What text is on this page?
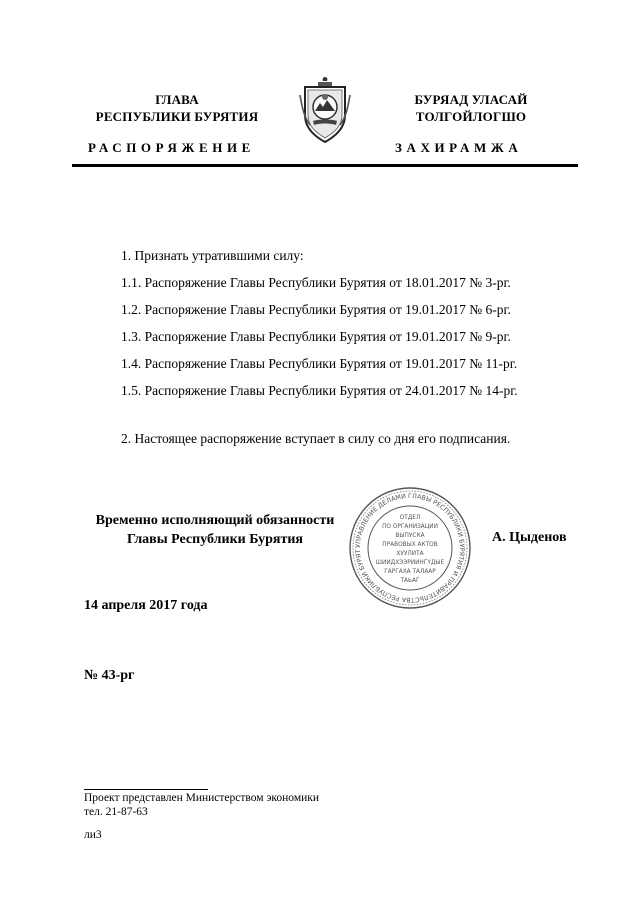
ГЛАВА
РЕСПУБЛИКИ БУРЯТИЯ
РАСПОРЯЖЕНИЕ
БУРЯАД УЛАСАЙ
ТОЛГОЙЛОГШО
ЗАХИРАМЖА
1. Признать утратившими силу:
1.1. Распоряжение Главы Республики Бурятия от 18.01.2017 № 3-рг.
1.2. Распоряжение Главы Республики Бурятия от 19.01.2017 № 6-рг.
1.3. Распоряжение Главы Республики Бурятия от 19.01.2017 № 9-рг.
1.4. Распоряжение Главы Республики Бурятия от 19.01.2017 № 11-рг.
1.5. Распоряжение Главы Республики Бурятия от 24.01.2017 № 14-рг.
2. Настоящее распоряжение вступает в силу со дня его подписания.
Временно исполняющий обязанности
Главы Республики Бурятия	УПРАВЛЕНИЕ ДЕЛАМИ ГЛАВЫ РЕСПУБЛИКИ БУРЯТИЯ И ПРАВИТЕЛЬСТВА РЕСПУБЛИКИ БУРЯТ
ОТДЕЛ
ПО ОРГАНИЗАЦИИ
ВЫПУСКА
ПРАВОВЫХ АКТОВ
ХУУЛИТА
ШИИДХЭЭРИИНГҮДЫЕ
ГАРГАХА ТАЛААР
ТАЬАГ
А. Цыденов
14 апреля 2017 года
№ 43-рг
Проект представлен Министерством экономики
тел. 21-87-63
ли3
